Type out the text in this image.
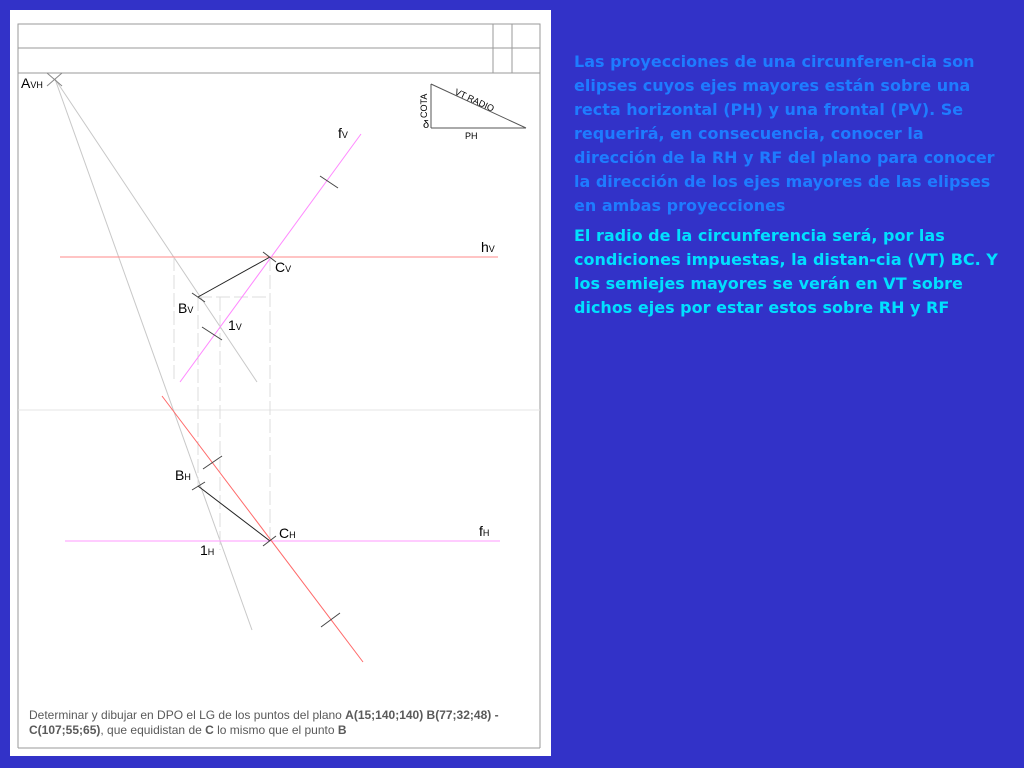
δ
COTA	VT RADIO
PH
AVH
fV
hV
CV
BV
1V
BH
CH	fH
1H
Determinar y dibujar en DPO el LG de los puntos del plano A(15;140;140) B(77;32;48) - C(107;55;65), que equidistan de C lo mismo que el punto B

Las proyecciones de una circunferen-cia son elipses cuyos ejes mayores están sobre una recta horizontal (PH) y una frontal (PV). Se requerirá, en consecuencia, conocer la dirección de la RH y RF del plano para conocer la dirección de los ejes mayores de las elipses en ambas proyecciones

El radio de la circunferencia será, por las condiciones impuestas, la distan-cia (VT) BC. Y los semiejes mayores se verán en VT sobre dichos ejes por estar estos sobre RH y RF
